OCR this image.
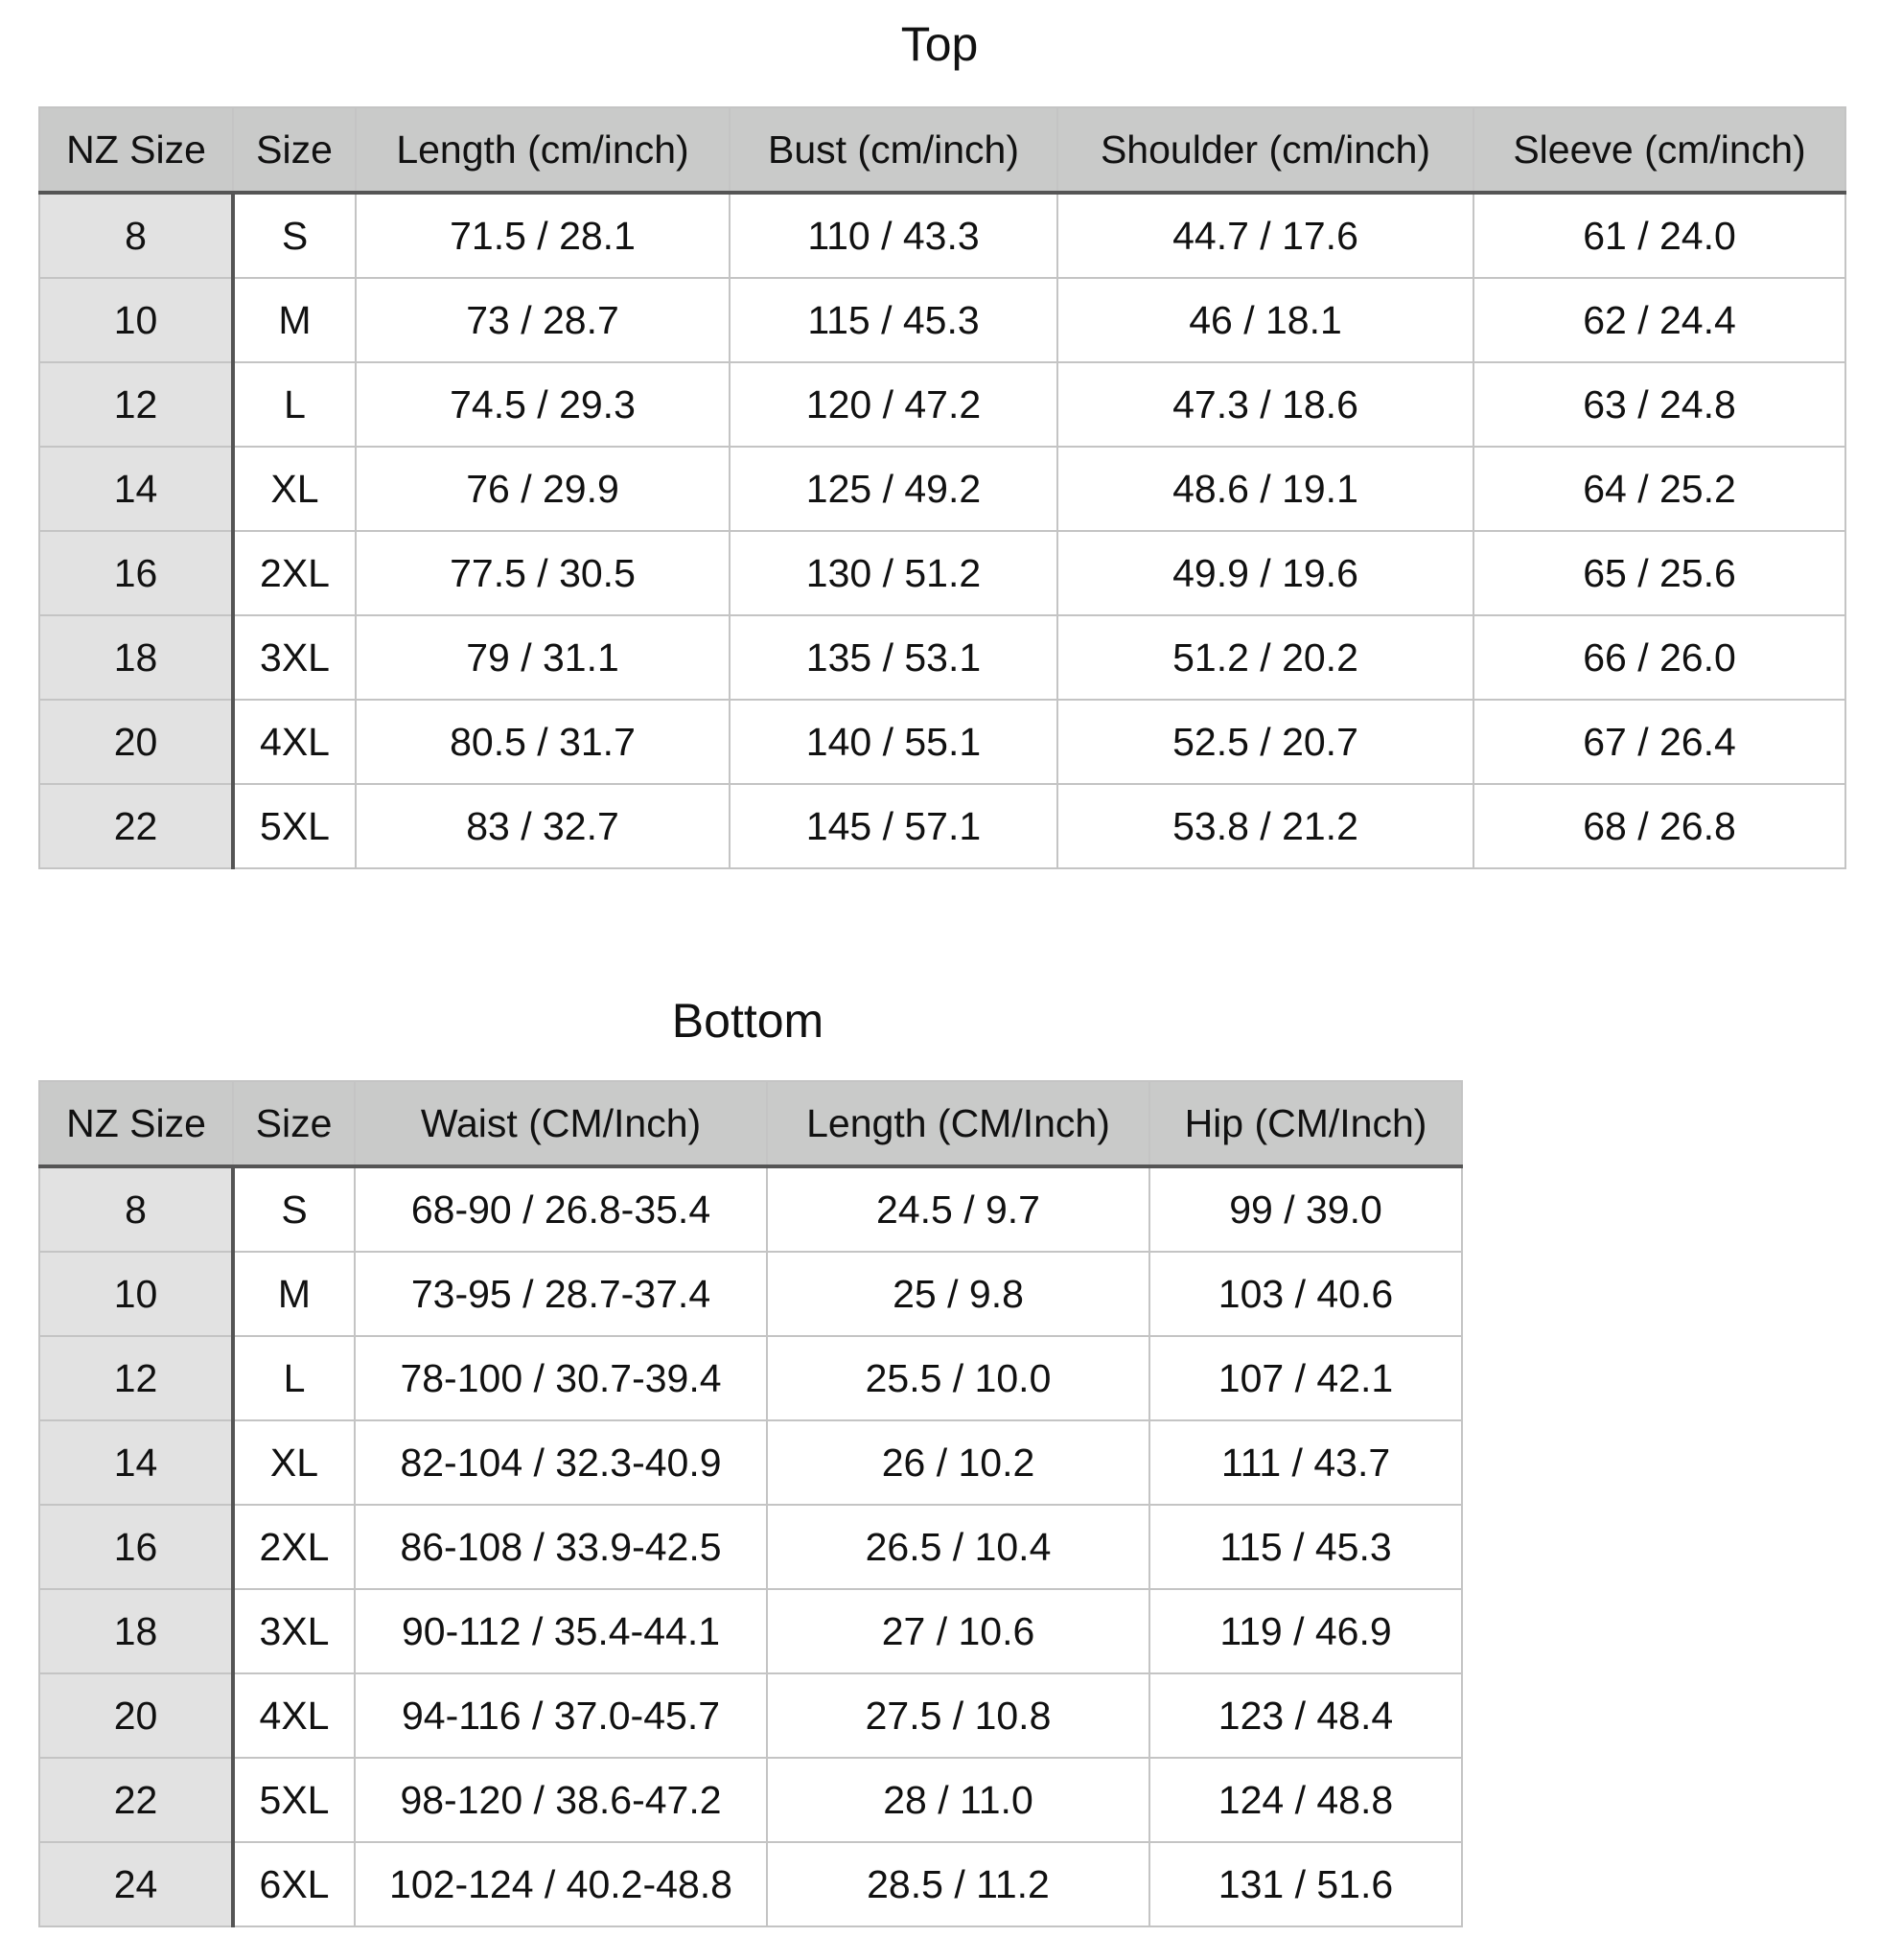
Top
NZ Size	Size	Length (cm/inch)	Bust (cm/inch)	Shoulder (cm/inch)	Sleeve (cm/inch)
8	S	71.5 / 28.1	110 / 43.3	44.7 / 17.6	61 / 24.0
10	M	73 / 28.7	115 / 45.3	46 / 18.1	62 / 24.4
12	L	74.5 / 29.3	120 / 47.2	47.3 / 18.6	63 / 24.8
14	XL	76 / 29.9	125 / 49.2	48.6 / 19.1	64 / 25.2
16	2XL	77.5 / 30.5	130 / 51.2	49.9 / 19.6	65 / 25.6
18	3XL	79 / 31.1	135 / 53.1	51.2 / 20.2	66 / 26.0
20	4XL	80.5 / 31.7	140 / 55.1	52.5 / 20.7	67 / 26.4
22	5XL	83 / 32.7	145 / 57.1	53.8 / 21.2	68 / 26.8
Bottom
NZ Size	Size	Waist (CM/Inch)	Length (CM/Inch)	Hip (CM/Inch)
8	S	68-90 / 26.8-35.4	24.5 / 9.7	99 / 39.0
10	M	73-95 / 28.7-37.4	25 / 9.8	103 / 40.6
12	L	78-100 / 30.7-39.4	25.5 / 10.0	107 / 42.1
14	XL	82-104 / 32.3-40.9	26 / 10.2	111 / 43.7
16	2XL	86-108 / 33.9-42.5	26.5 / 10.4	115 / 45.3
18	3XL	90-112 / 35.4-44.1	27 / 10.6	119 / 46.9
20	4XL	94-116 / 37.0-45.7	27.5 / 10.8	123 / 48.4
22	5XL	98-120 / 38.6-47.2	28 / 11.0	124 / 48.8
24	6XL	102-124 / 40.2-48.8	28.5 / 11.2	131 / 51.6
